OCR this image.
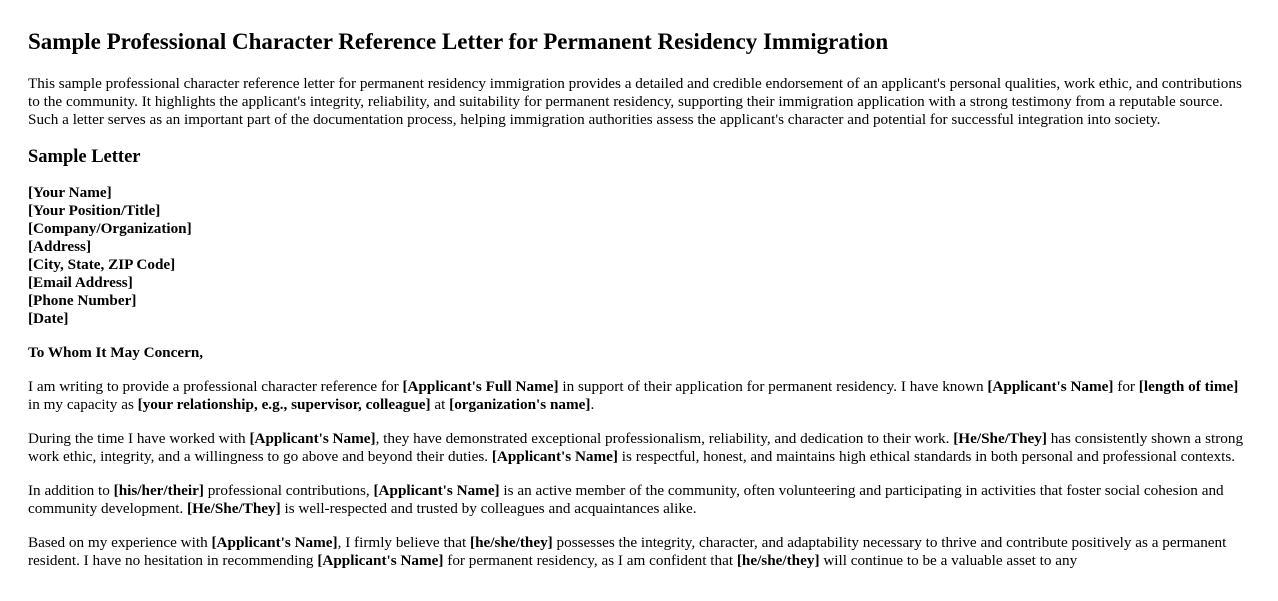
Sample Professional Character Reference Letter for Permanent Residency Immigration

This sample professional character reference letter for permanent residency immigration provides a detailed and credible endorsement of an applicant's personal qualities, work ethic, and contributions to the community. It highlights the applicant's integrity, reliability, and suitability for permanent residency, supporting their immigration application with a strong testimony from a reputable source. Such a letter serves as an important part of the documentation process, helping immigration authorities assess the applicant's character and potential for successful integration into society.

Sample Letter
[Your Name]
[Your Position/Title]
[Company/Organization]
[Address]
[City, State, ZIP Code]
[Email Address]
[Phone Number]
[Date]

To Whom It May Concern,

I am writing to provide a professional character reference for [Applicant's Full Name] in support of their application for permanent residency. I have known [Applicant's Name] for [length of time] in my capacity as [your relationship, e.g., supervisor, colleague] at [organization's name].

During the time I have worked with [Applicant's Name], they have demonstrated exceptional professionalism, reliability, and dedication to their work. [He/She/They] has consistently shown a strong work ethic, integrity, and a willingness to go above and beyond their duties. [Applicant's Name] is respectful, honest, and maintains high ethical standards in both personal and professional contexts.

In addition to [his/her/their] professional contributions, [Applicant's Name] is an active member of the community, often volunteering and participating in activities that foster social cohesion and community development. [He/She/They] is well-respected and trusted by colleagues and acquaintances alike.

Based on my experience with [Applicant's Name], I firmly believe that [he/she/they] possesses the integrity, character, and adaptability necessary to thrive and contribute positively as a permanent resident. I have no hesitation in recommending [Applicant's Name] for permanent residency, as I am confident that [he/she/they] will continue to be a valuable asset to any
